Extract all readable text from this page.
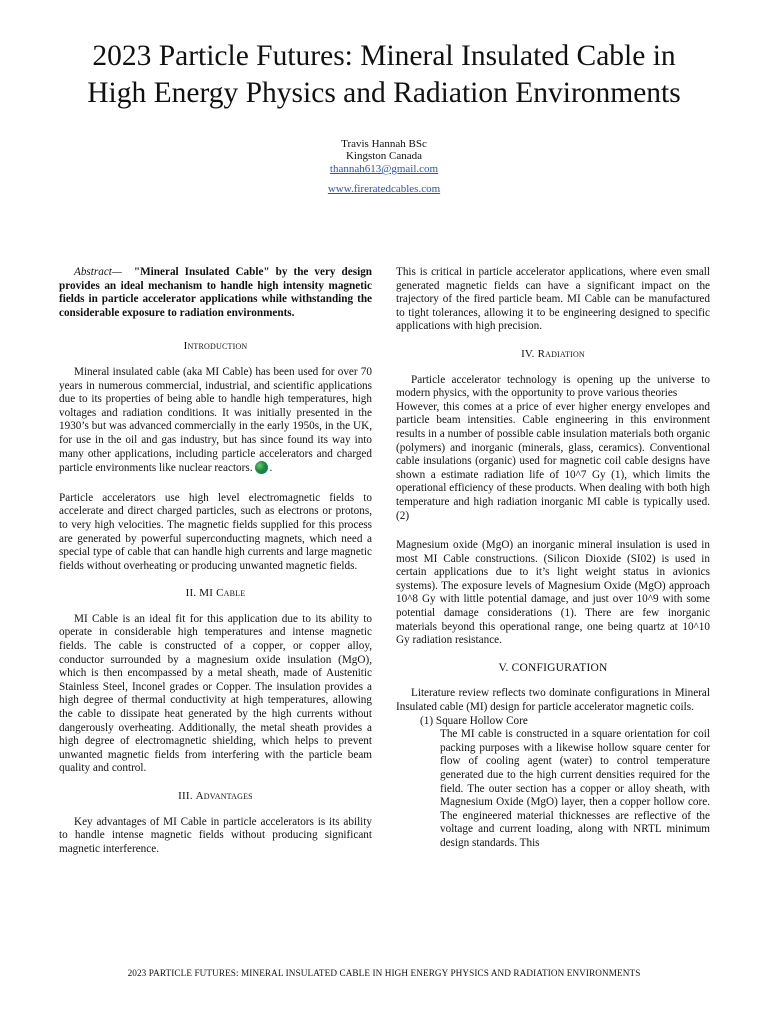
2023 Particle Futures: Mineral Insulated Cable in
High Energy Physics and Radiation Environments
Travis Hannah BSc
Kingston Canada
thannah613@gmail.com
www.fireratedcables.com

Abstract— "Mineral Insulated Cable" by the very design provides an ideal mechanism to handle high intensity magnetic fields in particle accelerator applications while withstanding the considerable exposure to radiation environments.

Introduction

Mineral insulated cable (aka MI Cable) has been used for over 70 years in numerous commercial, industrial, and scientific applications due to its properties of being able to handle high temperatures, high voltages and radiation conditions. It was initially presented in the 1930’s but was advanced commercially in the early 1950s, in the UK, for use in the oil and gas industry, but has since found its way into many other applications, including particle accelerators and charged particle environments like nuclear reactors. .

Particle accelerators use high level electromagnetic fields to accelerate and direct charged particles, such as electrons or protons, to very high velocities. The magnetic fields supplied for this process are generated by powerful superconducting magnets, which need a special type of cable that can handle high currents and large magnetic fields without overheating or producing unwanted magnetic fields.

II. MI Cable

MI Cable is an ideal fit for this application due to its ability to operate in considerable high temperatures and intense magnetic fields. The cable is constructed of a copper, or copper alloy, conductor surrounded by a magnesium oxide insulation (MgO), which is then encompassed by a metal sheath, made of Austenitic Stainless Steel, Inconel grades or Copper. The insulation provides a high degree of thermal conductivity at high temperatures, allowing the cable to dissipate heat generated by the high currents without dangerously overheating. Additionally, the metal sheath provides a high degree of electromagnetic shielding, which helps to prevent unwanted magnetic fields from interfering with the particle beam quality and control.

III. Advantages

Key advantages of MI Cable in particle accelerators is its ability to handle intense magnetic fields without producing significant magnetic interference.

This is critical in particle accelerator applications, where even small generated magnetic fields can have a significant impact on the trajectory of the fired particle beam. MI Cable can be manufactured to tight tolerances, allowing it to be engineering designed to specific applications with high precision.

IV. Radiation

Particle accelerator technology is opening up the universe to modern physics, with the opportunity to prove various theories

However, this comes at a price of ever higher energy envelopes and particle beam intensities. Cable engineering in this environment results in a number of possible cable insulation materials both organic (polymers) and inorganic (minerals, glass, ceramics). Conventional cable insulations (organic) used for magnetic coil cable designs have shown a estimate radiation life of 10^7 Gy (1), which limits the operational efficiency of these products. When dealing with both high temperature and high radiation inorganic MI cable is typically used. (2)

Magnesium oxide (MgO) an inorganic mineral insulation is used in most MI Cable constructions. (Silicon Dioxide (SI02) is used in certain applications due to it’s light weight status in avionics systems). The exposure levels of Magnesium Oxide (MgO) approach 10^8 Gy with little potential damage, and just over 10^9 with some potential damage considerations (1). There are few inorganic materials beyond this operational range, one being quartz at 10^10 Gy radiation resistance.

V. CONFIGURATION

Literature review reflects two dominate configurations in Mineral Insulated cable (MI) design for particle accelerator magnetic coils.

(1) Square Hollow Core

The MI cable is constructed in a square orientation for coil packing purposes with a likewise hollow square center for flow of cooling agent (water) to control temperature generated due to the high current densities required for the field. The outer section has a copper or alloy sheath, with Magnesium Oxide (MgO) layer, then a copper hollow core. The engineered material thicknesses are reflective of the voltage and current loading, along with NRTL minimum design standards. This

2023 PARTICLE FUTURES: MINERAL INSULATED CABLE IN HIGH ENERGY PHYSICS AND RADIATION ENVIRONMENTS
